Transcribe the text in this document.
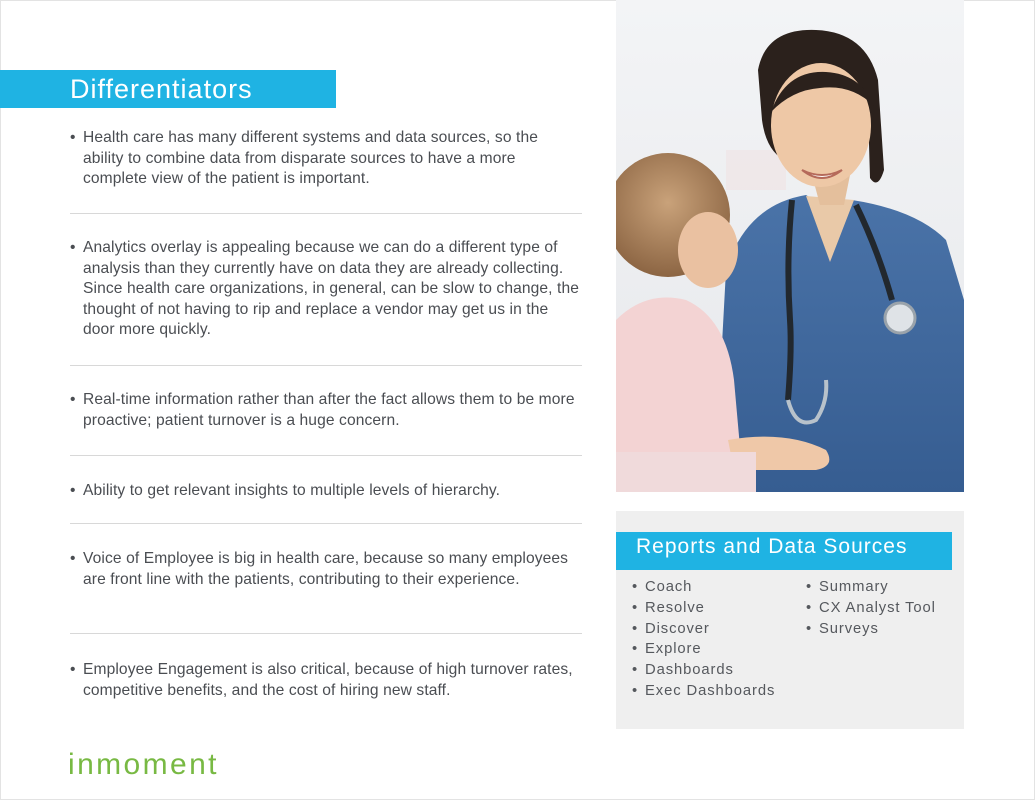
Differentiators
• Health care has many different systems and data sources, so the ability to combine data from disparate sources to have a more complete view of the patient is important.
• Analytics overlay is appealing because we can do a different type of analysis than they currently have on data they are already collecting. Since health care organizations, in general, can be slow to change, the thought of not having to rip and replace a vendor may get us in the door more quickly.
• Real-time information rather than after the fact allows them to be more proactive; patient turnover is a huge concern.
• Ability to get relevant insights to multiple levels of hierarchy.
• Voice of Employee is big in health care, because so many employees are front line with the patients, contributing to their experience.
• Employee Engagement is also critical, because of high turnover rates, competitive benefits, and the cost of hiring new staff.
Reports and Data Sources
• Coach
• Resolve
• Discover
• Explore
• Dashboards
• Exec Dashboards
• Summary
• CX Analyst Tool
• Surveys
inmoment
